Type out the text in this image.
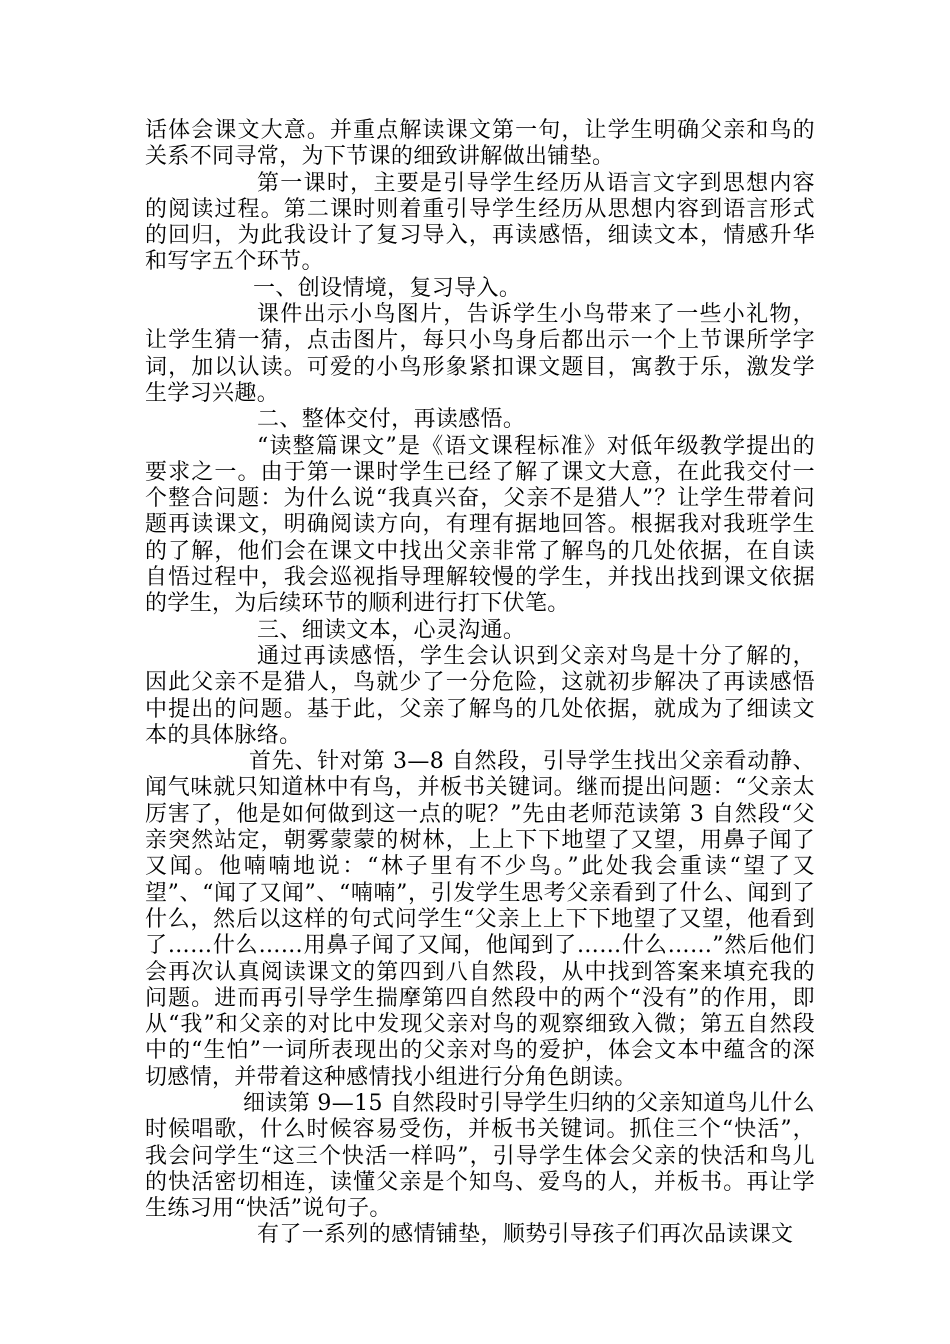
话体会课文大意。并重点解读课文第一句，让学生明确父亲和鸟的关系不同寻常，为下节课的细致讲解做出铺垫。

第一课时，主要是引导学生经历从语言文字到思想内容的阅读过程。第二课时则着重引导学生经历从思想内容到语言形式的回归，为此我设计了复习导入，再读感悟，细读文本，情感升华和写字五个环节。

一、创设情境，复习导入。

课件出示小鸟图片，告诉学生小鸟带来了一些小礼物，让学生猜一猜，点击图片，每只小鸟身后都出示一个上节课所学字词，加以认读。可爱的小鸟形象紧扣课文题目，寓教于乐，激发学生学习兴趣。

二、整体交付，再读感悟。

“读整篇课文”是《语文课程标准》对低年级教学提出的要求之一。由于第一课时学生已经了解了课文大意，在此我交付一个整合问题：为什么说“我真兴奋，父亲不是猎人”？让学生带着问题再读课文，明确阅读方向，有理有据地回答。根据我对我班学生的了解，他们会在课文中找出父亲非常了解鸟的几处依据，在自读自悟过程中，我会巡视指导理解较慢的学生，并找出找到课文依据的学生，为后续环节的顺利进行打下伏笔。

三、细读文本，心灵沟通。

通过再读感悟，学生会认识到父亲对鸟是十分了解的，因此父亲不是猎人，鸟就少了一分危险，这就初步解决了再读感悟中提出的问题。基于此，父亲了解鸟的几处依据，就成为了细读文本的具体脉络。

首先、针对第 3—8 自然段，引导学生找出父亲看动静、闻气味就只知道林中有鸟，并板书关键词。继而提出问题：“父亲太厉害了，他是如何做到这一点的呢？”先由老师范读第 3 自然段“父亲突然站定，朝雾蒙蒙的树林，上上下下地望了又望，用鼻子闻了又闻。他喃喃地说：“林子里有不少鸟。”此处我会重读“望了又望”、“闻了又闻”、“喃喃”，引发学生思考父亲看到了什么、闻到了什么，然后以这样的句式问学生“父亲上上下下地望了又望，他看到了……什么……用鼻子闻了又闻，他闻到了……什么……”然后他们会再次认真阅读课文的第四到八自然段，从中找到答案来填充我的问题。进而再引导学生揣摩第四自然段中的两个“没有”的作用，即从“我”和父亲的对比中发现父亲对鸟的观察细致入微；第五自然段中的“生怕”一词所表现出的父亲对鸟的爱护，体会文本中蕴含的深切感情，并带着这种感情找小组进行分角色朗读。

细读第 9—15 自然段时引导学生归纳的父亲知道鸟儿什么时候唱歌，什么时候容易受伤，并板书关键词。抓住三个“快活”，我会问学生“这三个快活一样吗”，引导学生体会父亲的快活和鸟儿的快活密切相连，读懂父亲是个知鸟、爱鸟的人，并板书。再让学生练习用“快活”说句子。

有了一系列的感情铺垫，顺势引导孩子们再次品读课文
